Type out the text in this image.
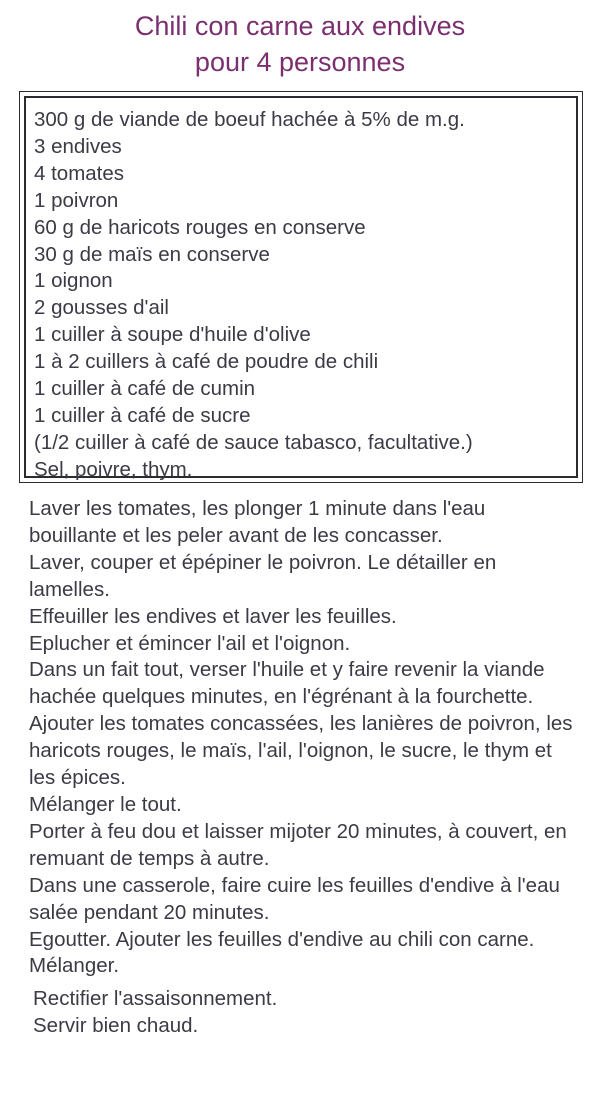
Chili con carne aux endives
pour 4 personnes
300 g de viande de boeuf hachée à 5% de m.g.
3 endives
4 tomates
1 poivron
60 g de haricots rouges en conserve
30 g de maïs en conserve
1 oignon
2 gousses d'ail
1 cuiller à soupe d'huile d'olive
1 à 2 cuillers à café de poudre de chili
1 cuiller à café de cumin
1 cuiller à café de sucre
(1/2 cuiller à café de sauce tabasco, facultative.)
Sel, poivre, thym.
Laver les tomates, les plonger 1 minute dans l'eau bouillante et les peler avant de les concasser.
Laver, couper et épépiner le poivron. Le détailler en lamelles.
Effeuiller les endives et laver les feuilles.
Eplucher et émincer l'ail et l'oignon.
Dans un fait tout, verser l'huile et y faire revenir la viande hachée quelques minutes, en l'égrénant à la fourchette.
Ajouter les tomates concassées, les lanières de poivron, les haricots rouges, le maïs, l'ail, l'oignon, le sucre, le thym et les épices.
Mélanger le tout.
Porter à feu dou et laisser mijoter 20 minutes, à couvert, en remuant de temps à autre.
Dans une casserole, faire cuire les feuilles d'endive à l'eau salée pendant 20 minutes.
Egoutter. Ajouter les feuilles d'endive au chili con carne. Mélanger.
Rectifier l'assaisonnement.
Servir bien chaud.
